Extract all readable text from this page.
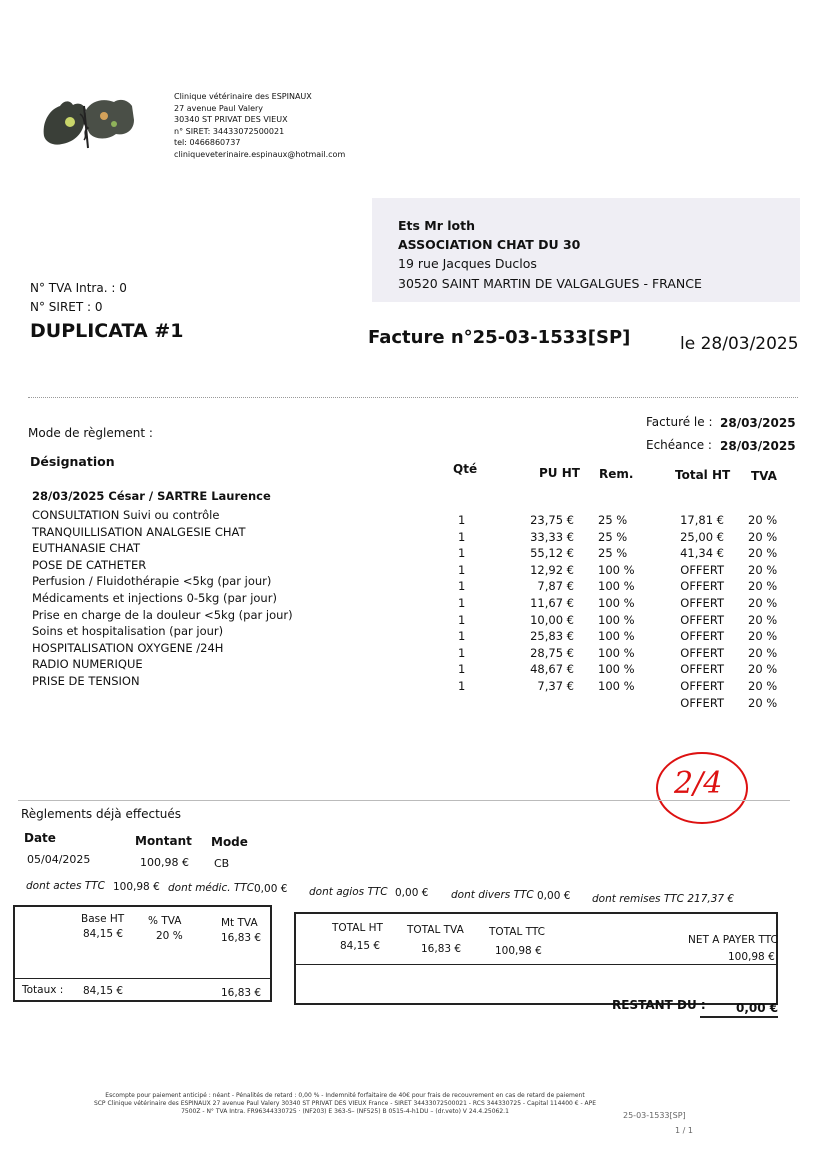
Clinique vétérinaire des ESPINAUX
27 avenue Paul Valery
30340 ST PRIVAT DES VIEUX
n° SIRET: 34433072500021
tel: 0466860737
cliniqueveterinaire.espinaux@hotmail.com
Ets Mr loth
ASSOCIATION CHAT DU 30
19 rue Jacques Duclos
30520 SAINT MARTIN DE VALGALGUES - FRANCE
N° TVA Intra. : 0
N° SIRET : 0
DUPLICATA #1	Facture n°25-03-1533[SP]	le 28/03/2025
Mode de règlement :
Facturé le : 28/03/2025
Echéance : 28/03/2025
Désignation	Qté	PU HT Rem.	Total HT TVA
28/03/2025 César / SARTRE Laurence
CONSULTATION Suivi ou contrôle	1	23,75 € 25 %	17,81 € 20 %
TRANQUILLISATION ANALGESIE CHAT	1	33,33 € 25 %	25,00 € 20 %
EUTHANASIE CHAT	1	55,12 € 25 %	41,34 € 20 %
POSE DE CATHETER	1	12,92 € 100 %	OFFERT 20 %
Perfusion / Fluidothérapie <5kg (par jour)	1	7,87 € 100 %	OFFERT 20 %
Médicaments et injections 0-5kg (par jour)	1	11,67 € 100 %	OFFERT 20 %
Prise en charge de la douleur <5kg (par jour)	1	10,00 € 100 %	OFFERT 20 %
Soins et hospitalisation (par jour)	1	25,83 € 100 %	OFFERT 20 %
HOSPITALISATION OXYGENE /24H	1	28,75 € 100 %	OFFERT 20 %
RADIO NUMERIQUE	1	48,67 € 100 %	OFFERT 20 %
PRISE DE TENSION	1	7,37 € 100 %	OFFERT 20 %
OFFERT 20 %
2/4
Règlements déjà effectués
Date	Montant Mode
05/04/2025	100,98 € CB
dont actes TTC 100,98 € dont médic. TTC 0,00 € dont agios TTC 0,00 € dont divers TTC 0,00 € dont remises TTC 217,37 €
Base HT % TVA	Mt TVA
84,15 €	20 %	16,83 €
Totaux : 84,15 €	16,83 €
TOTAL HT TOTAL TVA TOTAL TTC
84,15 €	16,83 €	100,98 €
NET A PAYER TTC
100,98 €
RESTANT DU :	0,00 €
Escompte pour paiement anticipé : néant - Pénalités de retard : 0,00 % - Indemnité forfaitaire de 40€ pour frais de recouvrement en cas de retard de paiement
SCP Clinique vétérinaire des ESPINAUX 27 avenue Paul Valery 30340 ST PRIVAT DES VIEUX France - SIRET 34433072500021 - RCS 344330725 - Capital 114400 € - APE
7500Z - N° TVA Intra. FR96344330725 · (NF203) E 363-S– (NF525) B 0515-4-h1DU – (dr.veto) V 24.4.25062.1	25-03-1533[SP]
1 / 1
